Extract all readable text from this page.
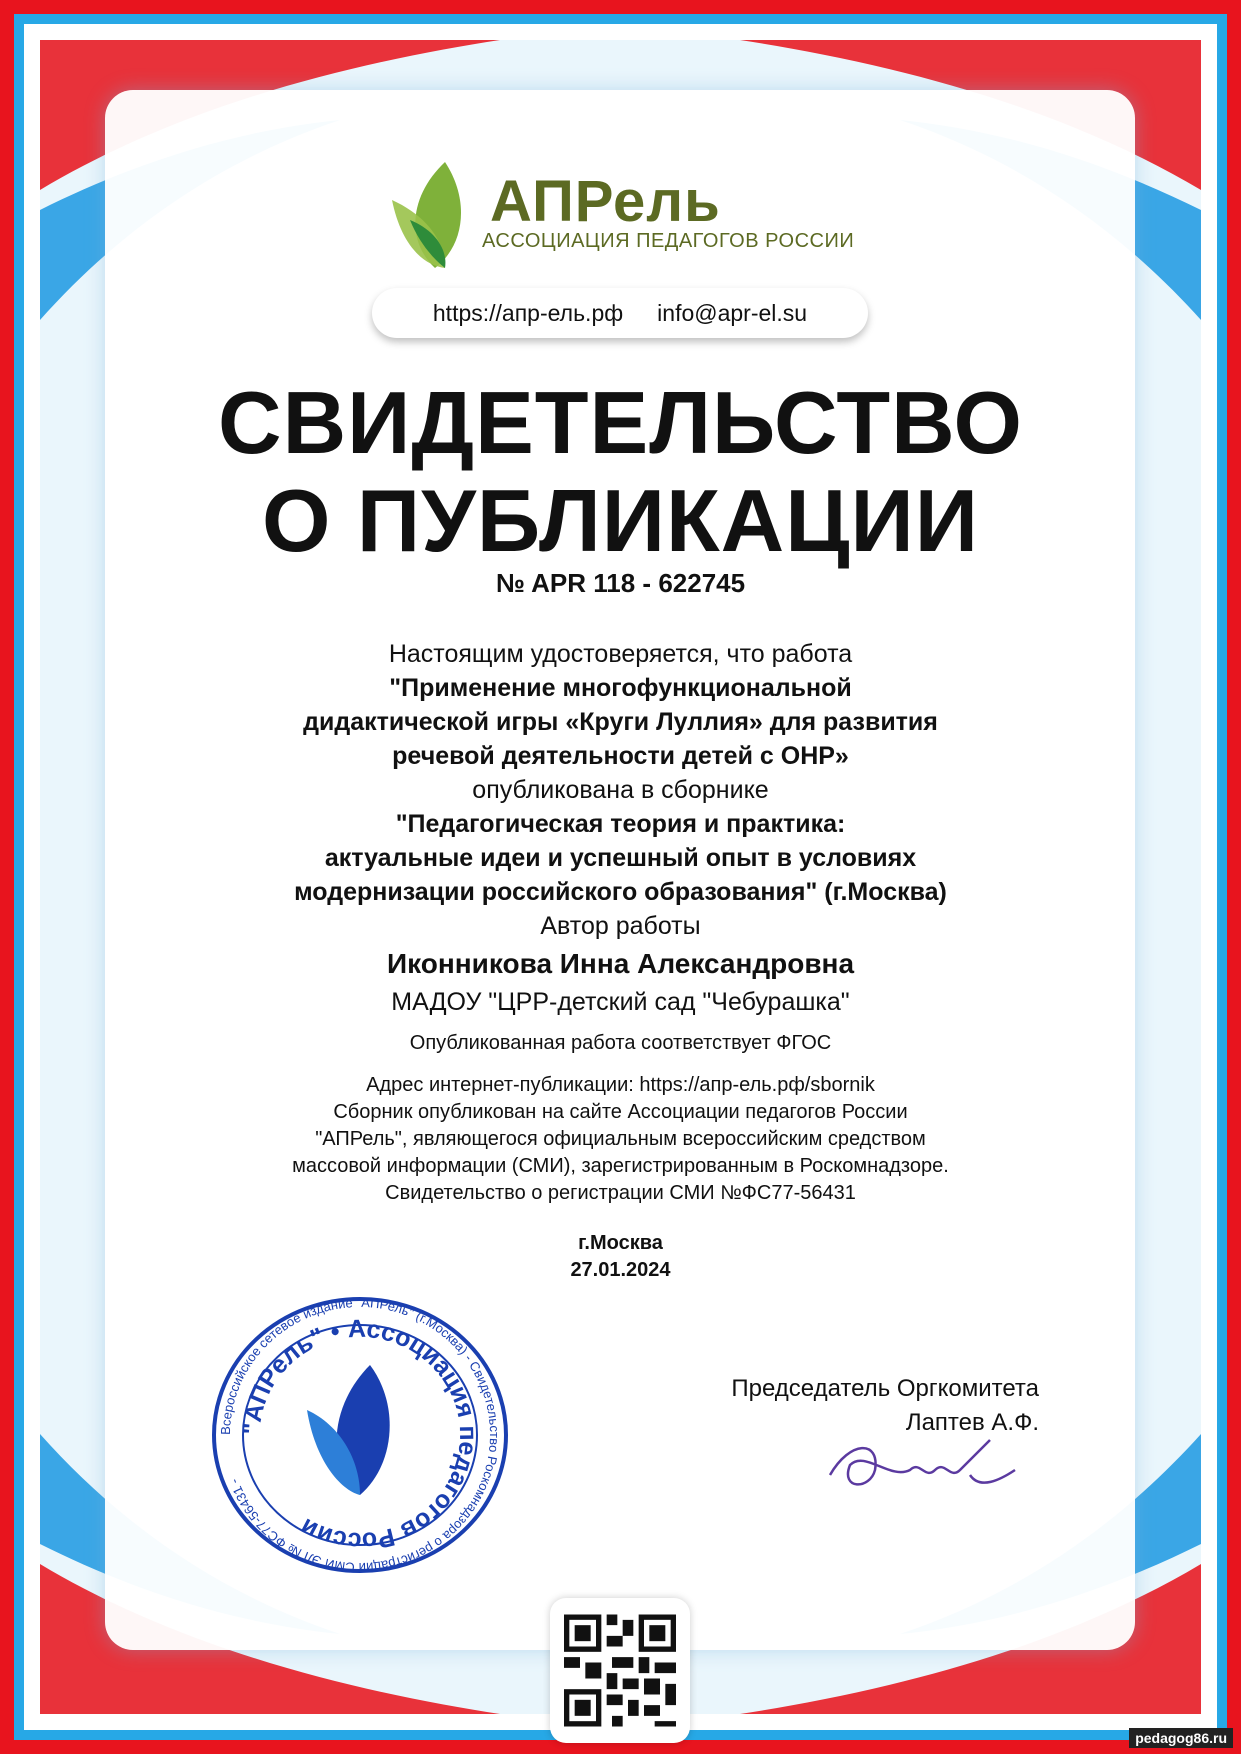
АПРель
АССОЦИАЦИЯ ПЕДАГОГОВ РОССИИ
https://апр-ель.рф info@apr-el.su
СВИДЕТЕЛЬСТВО
О ПУБЛИКАЦИИ
№ APR 118 - 622745
Настоящим удостоверяется, что работа
"Применение многофункциональной
дидактической игры «Круги Луллия» для развития
речевой деятельности детей с ОНР»
опубликована в сборнике
"Педагогическая теория и практика:
актуальные идеи и успешный опыт в условиях
модернизации российского образования" (г.Москва)
Автор работы
Иконникова Инна Александровна
МАДОУ "ЦРР-детский сад "Чебурашка"
Опубликованная работа соответствует ФГОС
Адрес интернет-публикации: https://апр-ель.рф/sbornik
Сборник опубликован на сайте Ассоциации педагогов России
"АПРель", являющегося официальным всероссийским средством
массовой информации (СМИ), зарегистрированным в Роскомнадзоре.
Свидетельство о регистрации СМИ №ФС77-56431
г.Москва
27.01.2024
Всероссийское сетевое издание "АПРель" (г.Москва) - Свидетельство Роскомнадзора о регистрации СМИ ЭЛ № ФС77-56431 -
"АПРель" • Ассоциация педагогов России
Председатель Оргкомитета
Лаптев А.Ф.
pedagog86.ru
